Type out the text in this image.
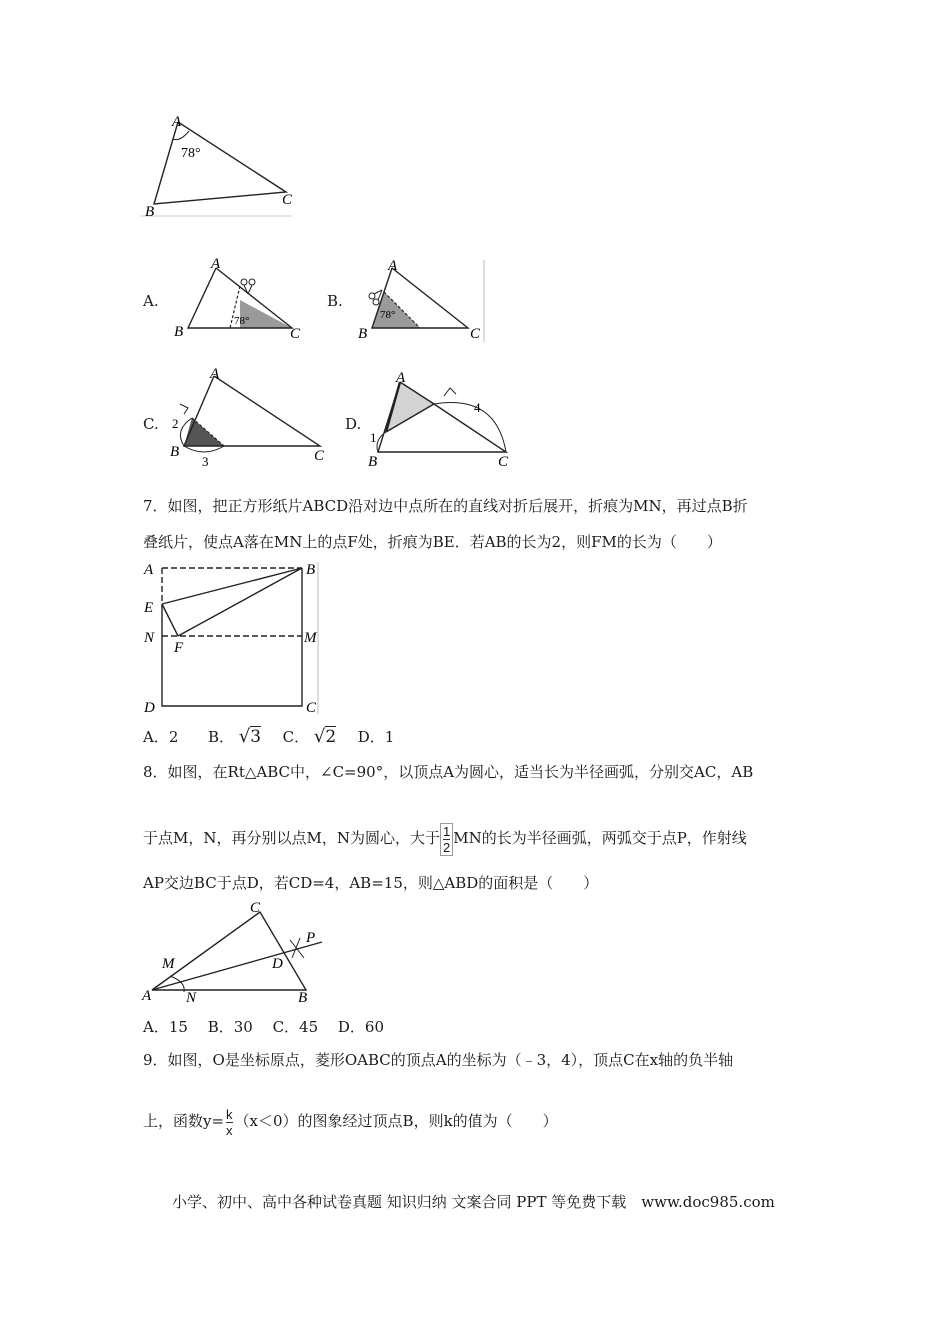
A
B
C
78°
A.
A
B	C
78°
B.
A
B	C
78°
C.
A
B	C
2
3
D.
A
B	C
1
4
7．如图，把正方形纸片ABCD沿对边中点所在的直线对折后展开，折痕为MN，再过点B折
叠纸片，使点A落在MN上的点F处，折痕为BE．若AB的长为2，则FM的长为（　　）
A	B
E
N
F
M
D	C
A．2 B． √3 C． √2 D．1
8．如图，在Rt△ABC中，∠C=90°，以顶点A为圆心，适当长为半径画弧，分别交AC，AB
于点M，N，再分别以点M，N为圆心，大于 $\frac{1}{2}$ MN的长为半径画弧，两弧交于点P，作射线
AP交边BC于点D，若CD=4，AB=15，则△ABD的面积是（　　）
C
P
D
M
A N	B
A．15　 B．30　 C．45　 D．60
9．如图，O是坐标原点，菱形OABC的顶点A的坐标为（﹣3，4），顶点C在x轴的负半轴
上，函数$y= \frac{k}{x} (x<0)$的图象经过顶点B，则k的值为（　　）
小学、初中、高中各种试卷真题 知识归纳 文案合同 PPT 等免费下载　www.doc985.com
